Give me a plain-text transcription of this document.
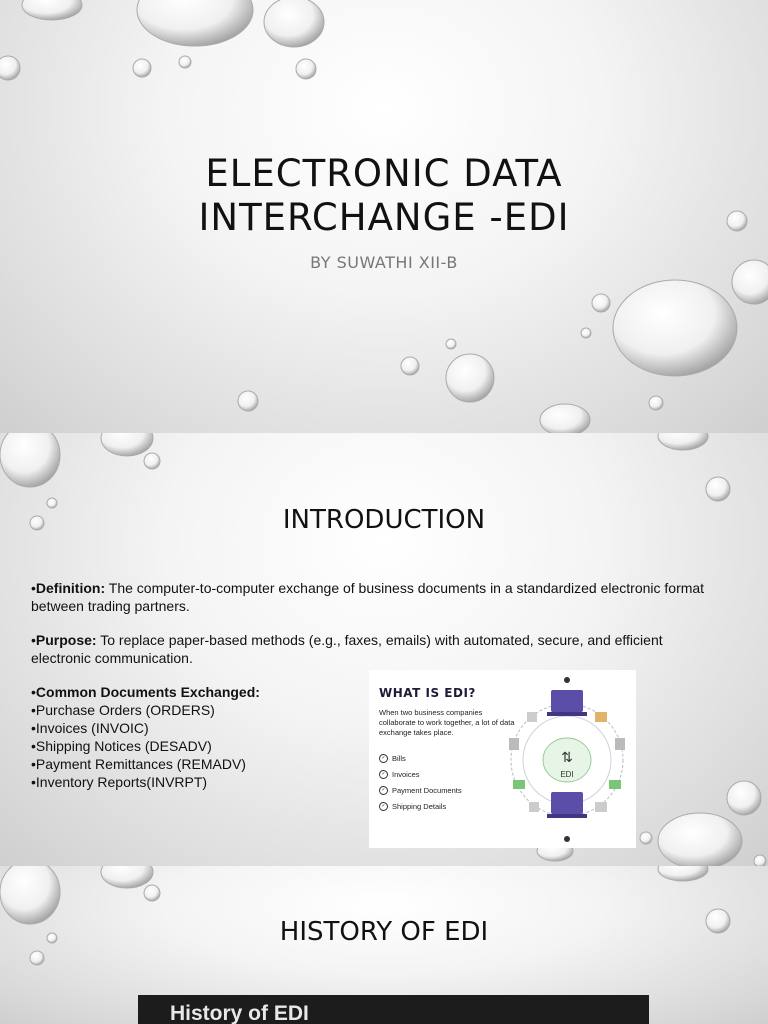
ELECTRONIC DATA
INTERCHANGE -EDI
BY SUWATHI XII-B
INTRODUCTION

•Definition: The computer-to-computer exchange of business documents in a standardized electronic format between trading partners.

•Purpose: To replace paper-based methods (e.g., faxes, emails) with automated, secure, and efficient electronic communication.

•Common Documents Exchanged:

•Purchase Orders (ORDERS)

•Invoices (INVOIC)

•Shipping Notices (DESADV)

•Payment Remittances (REMADV)

•Inventory Reports(INVRPT)

WHAT IS EDI?
When two business companies collaborate to work together, a lot of data exchange takes place.
✓ Bills
✓ Invoices
✓ Payment Documents
✓ Shipping Details
⇅
EDI
HISTORY OF EDI
History of EDI
